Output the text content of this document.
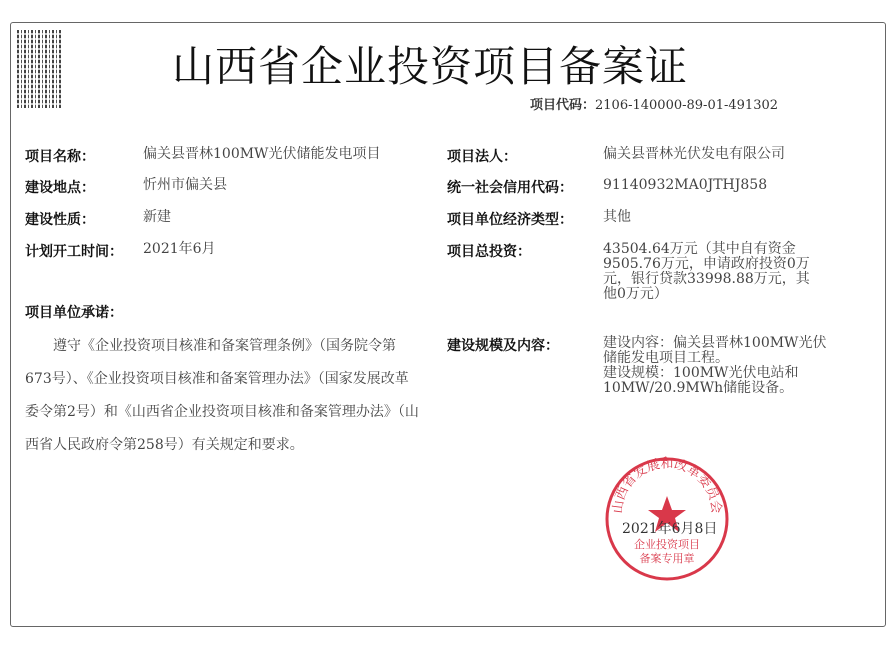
山西省企业投资项目备案证
项目代码：2106-140000-89-01-491302
项目名称：	偏关县晋林100MW光伏储能发电项目
建设地点：	忻州市偏关县
建设性质：	新建
计划开工时间： 2021年6月
项目法人：	偏关县晋林光伏发电有限公司
统一社会信用代码： 91140932MA0JTHJ858
项目单位经济类型： 其他
项目总投资：	43504.64万元（其中自有资金9505.76万元，申请政府投资0万元，银行贷款33998.88万元，其他0万元）
项目单位承诺：
遵守《企业投资项目核准和备案管理条例》（国务院令第673号）、《企业投资项目核准和备案管理办法》（国家发展改革委令第2号）和《山西省企业投资项目核准和备案管理办法》（山西省人民政府令第258号）有关规定和要求。
建设规模及内容：	建设内容：偏关县晋林100MW光伏储能发电项目工程。
建设规模：100MW光伏电站和10MW/20.9MWh储能设备。
山西省发展和改革委员会
企业投资项目
备案专用章
2021年6月8日
